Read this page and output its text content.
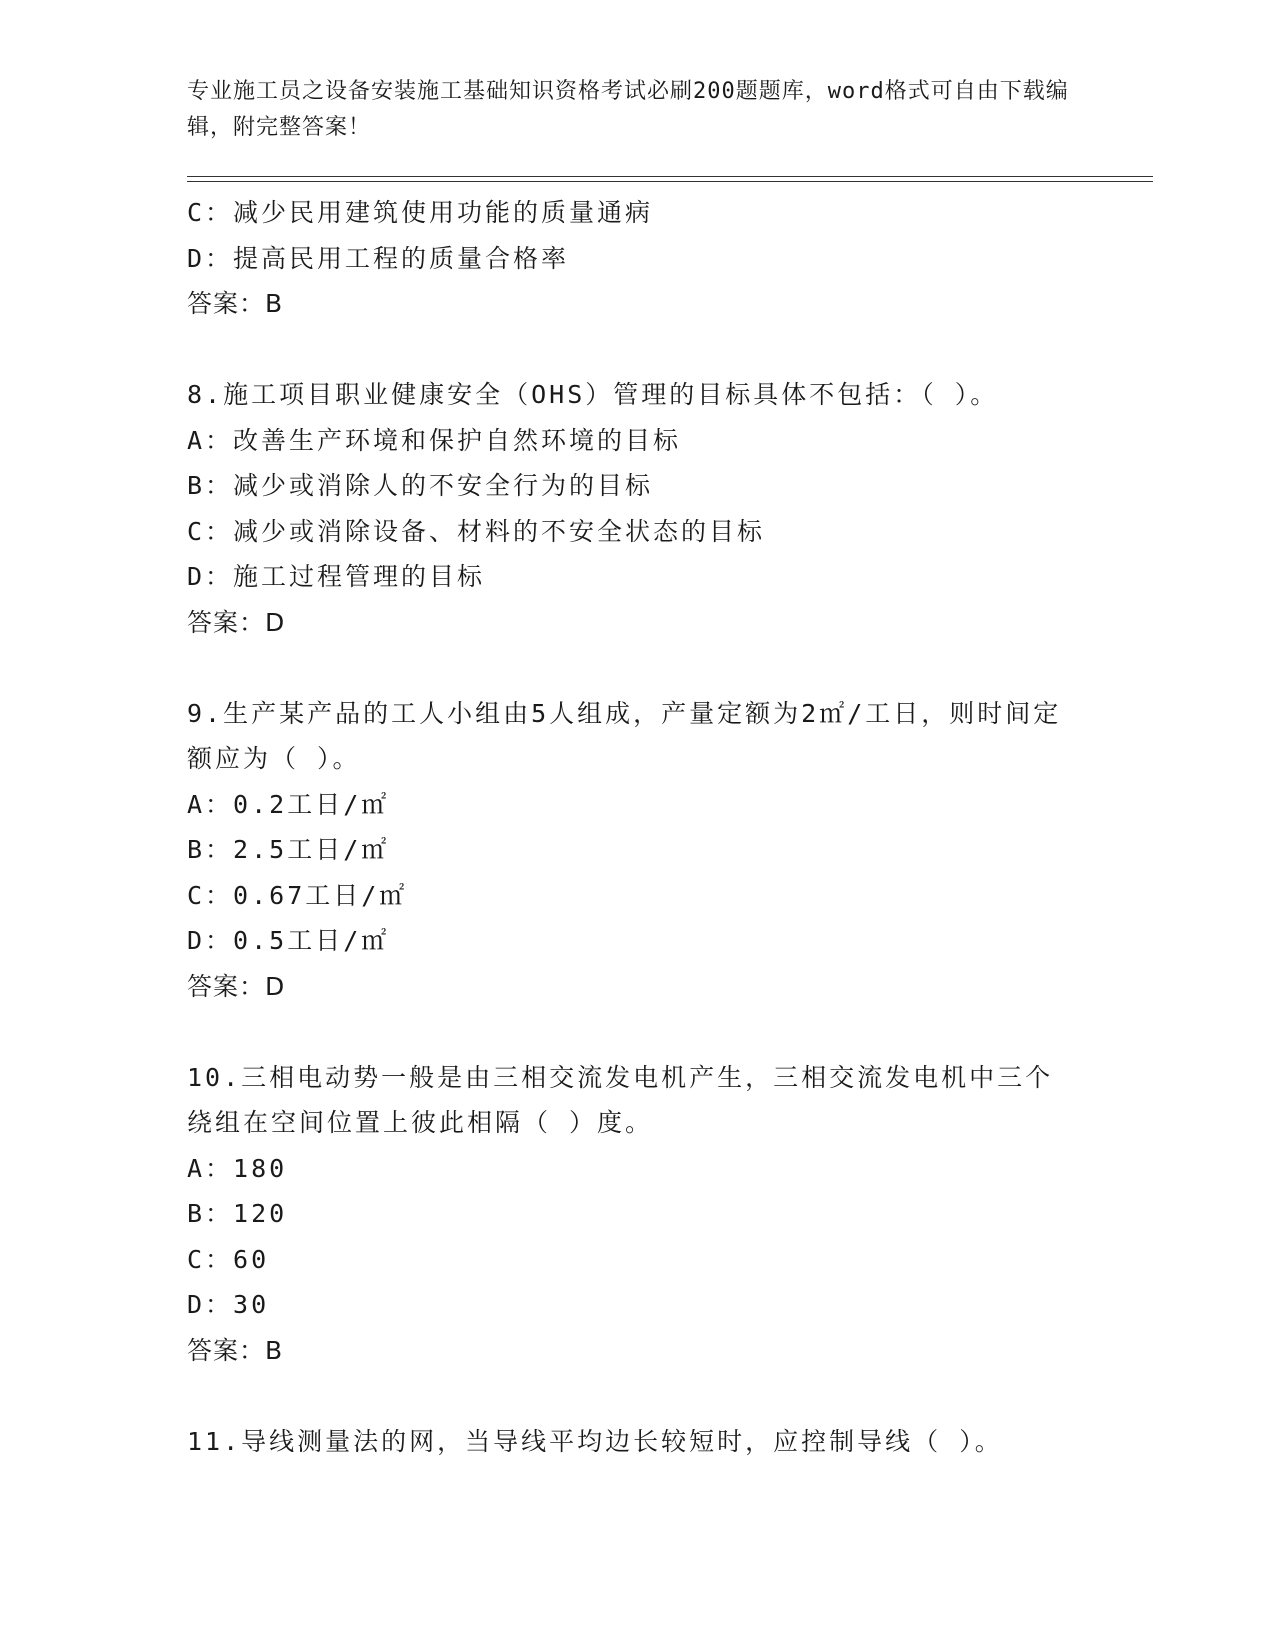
专业施工员之设备安装施工基础知识资格考试必刷200题题库，word格式可自由下载编辑，附完整答案！
C：减少民用建筑使用功能的质量通病
D：提高民用工程的质量合格率
答案：B
8.施工项目职业健康安全（OHS）管理的目标具体不包括：（ ）。
A：改善生产环境和保护自然环境的目标
B：减少或消除人的不安全行为的目标
C：减少或消除设备、材料的不安全状态的目标
D：施工过程管理的目标
答案：D
9.生产某产品的工人小组由5人组成，产量定额为2㎡/工日，则时间定额应为（ ）。
A：0.2工日/㎡
B：2.5工日/㎡
C：0.67工日/㎡
D：0.5工日/㎡
答案：D
10.三相电动势一般是由三相交流发电机产生，三相交流发电机中三个绕组在空间位置上彼此相隔（ ）度。
A：180
B：120
C：60
D：30
答案：B
11.导线测量法的网，当导线平均边长较短时，应控制导线（ ）。
